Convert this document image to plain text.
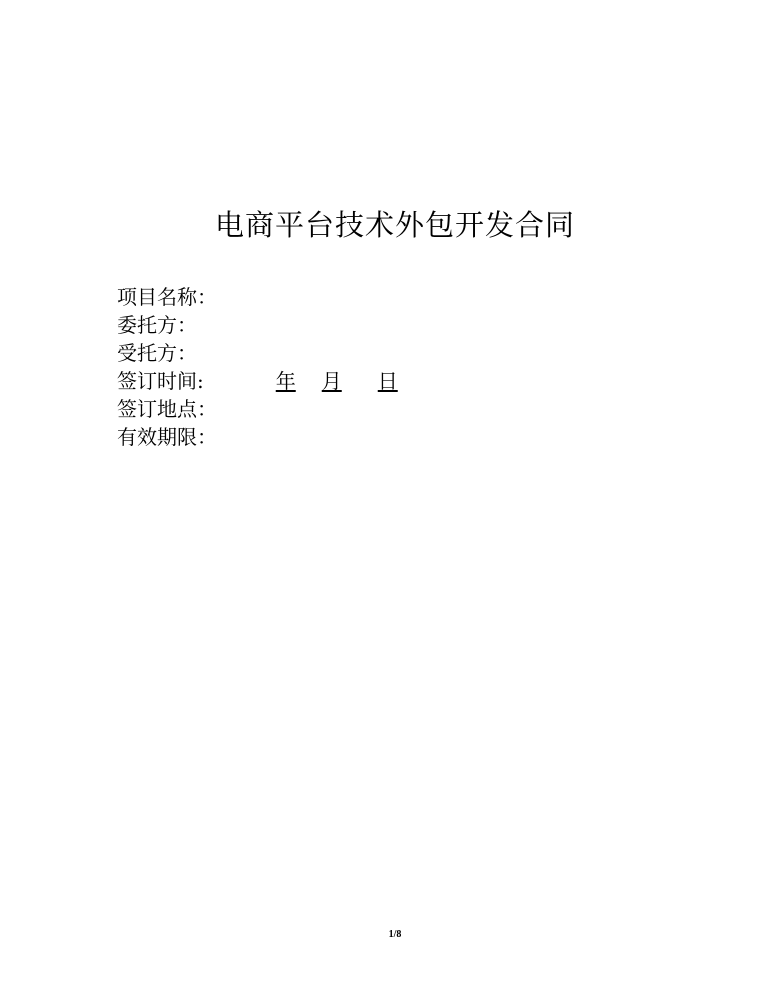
电商平台技术外包开发合同
项目名称：
委托方：
受托方：
签订时间:	年 月 日
签订地点：
有效期限：
1/8
